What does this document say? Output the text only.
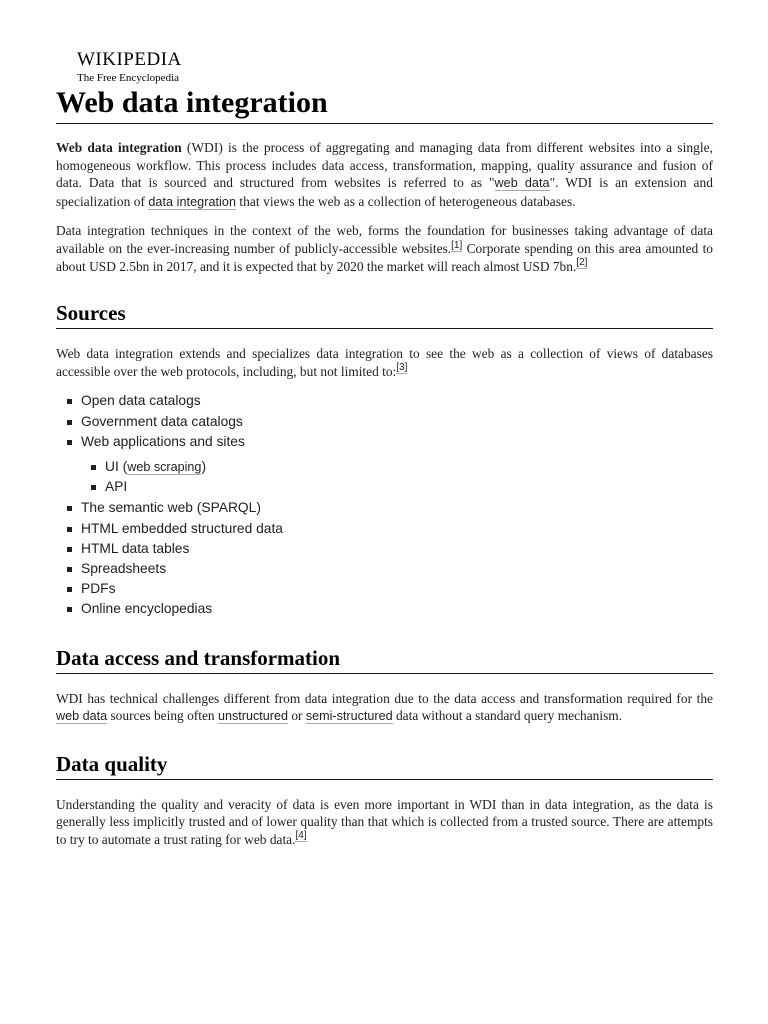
WIKIPEDIA
The Free Encyclopedia
Web data integration

Web data integration (WDI) is the process of aggregating and managing data from different websites into a single, homogeneous workflow. This process includes data access, transformation, mapping, quality assurance and fusion of data. Data that is sourced and structured from websites is referred to as "web data". WDI is an extension and specialization of data integration that views the web as a collection of heterogeneous databases.

Data integration techniques in the context of the web, forms the foundation for businesses taking advantage of data available on the ever-increasing number of publicly-accessible websites.[1] Corporate spending on this area amounted to about USD 2.5bn in 2017, and it is expected that by 2020 the market will reach almost USD 7bn.[2]

Sources

Web data integration extends and specializes data integration to see the web as a collection of views of databases accessible over the web protocols, including, but not limited to:[3]

Open data catalogs
Government data catalogs
Web applications and sites
UI (web scraping)
API
The semantic web (SPARQL)
HTML embedded structured data
HTML data tables
Spreadsheets
PDFs
Online encyclopedias
Data access and transformation

WDI has technical challenges different from data integration due to the data access and transformation required for the web data sources being often unstructured or semi-structured data without a standard query mechanism.

Data quality

Understanding the quality and veracity of data is even more important in WDI than in data integration, as the data is generally less implicitly trusted and of lower quality than that which is collected from a trusted source. There are attempts to try to automate a trust rating for web data.[4]
